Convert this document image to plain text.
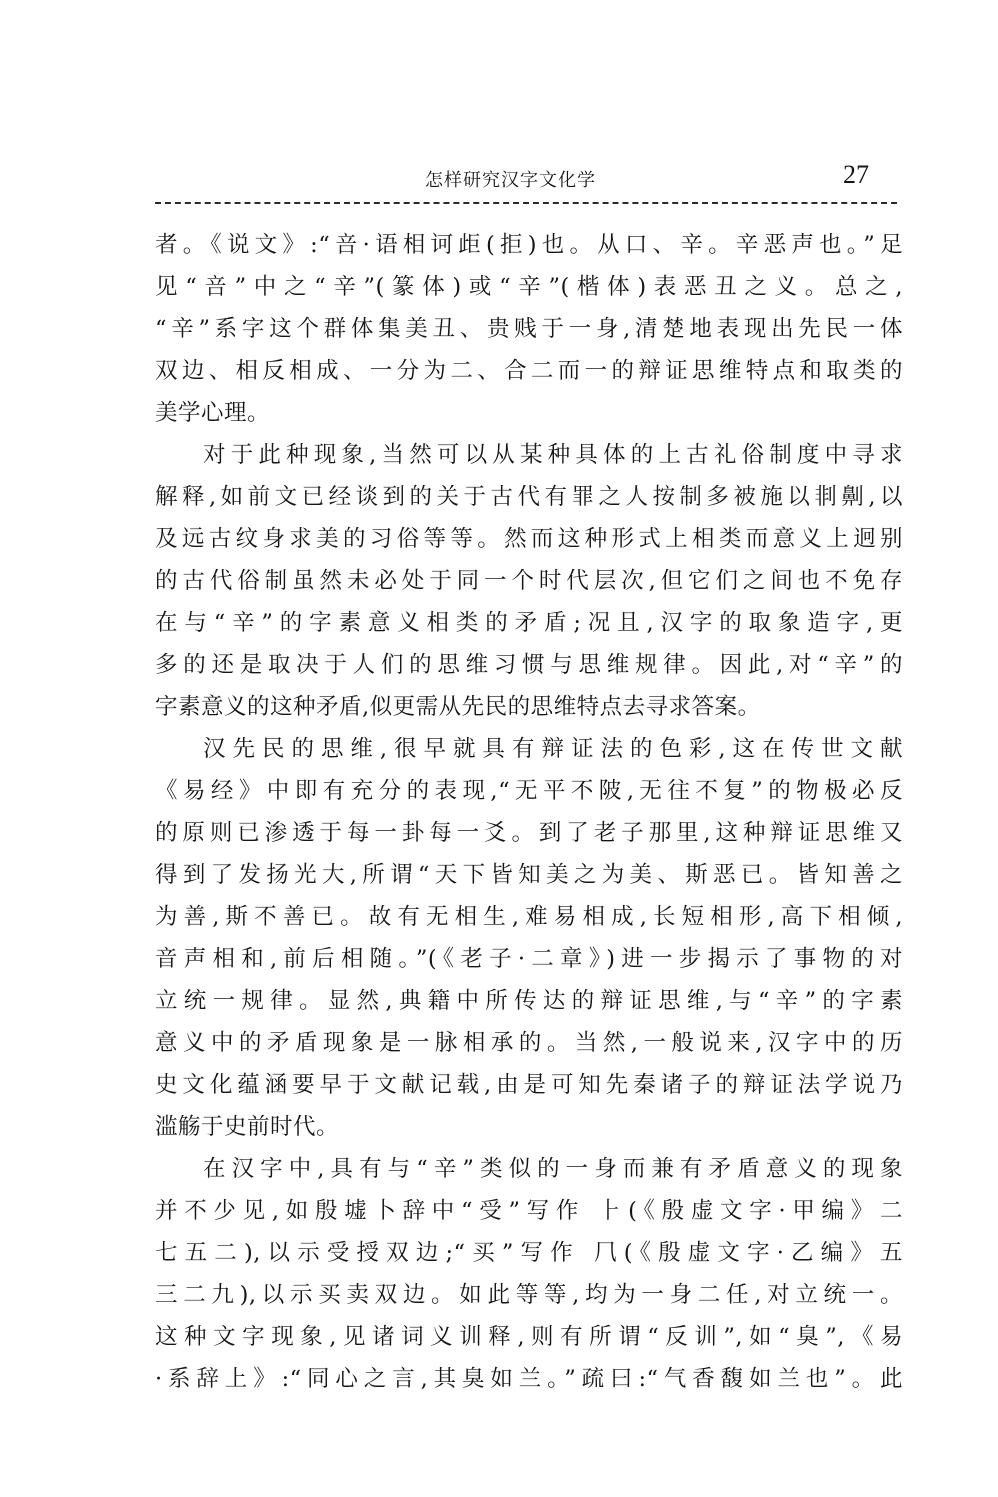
怎样研究汉字文化学	27
者。《说文》:“咅·语相诃歫(拒)也。从口、辛。辛恶声也。”足
见“咅”中之“辛”(篆体)或“辛”(楷体)表恶丑之义。总之,
“辛”系字这个群体集美丑、贵贱于一身,清楚地表现出先民一体
双边、相反相成、一分为二、合二而一的辩证思维特点和取类的
美学心理。
对于此种现象,当然可以从某种具体的上古礼俗制度中寻求
解释,如前文已经谈到的关于古代有罪之人按制多被施以剕劓,以
及远古纹身求美的习俗等等。然而这种形式上相类而意义上迥别
的古代俗制虽然未必处于同一个时代层次,但它们之间也不免存
在与“辛”的字素意义相类的矛盾;况且,汉字的取象造字,更
多的还是取决于人们的思维习惯与思维规律。因此,对“辛”的
字素意义的这种矛盾,似更需从先民的思维特点去寻求答案。
汉先民的思维,很早就具有辩证法的色彩,这在传世文献
《易经》中即有充分的表现,“无平不陂,无往不复”的物极必反
的原则已渗透于每一卦每一爻。到了老子那里,这种辩证思维又
得到了发扬光大,所谓“天下皆知美之为美、斯恶已。皆知善之
为善,斯不善已。故有无相生,难易相成,长短相形,高下相倾,
音声相和,前后相随。”(《老子·二章》)进一步揭示了事物的对
立统一规律。显然,典籍中所传达的辩证思维,与“辛”的字素
意义中的矛盾现象是一脉相承的。当然,一般说来,汉字中的历
史文化蕴涵要早于文献记载,由是可知先秦诸子的辩证法学说乃
滥觞于史前时代。
在汉字中,具有与“辛”类似的一身而兼有矛盾意义的现象
并不少见,如殷墟卜辞中“受”写作 ⺊(《殷虚文字·甲编》二
七五二),以示受授双边;“买”写作 ⺇(《殷虚文字·乙编》五
三二九),以示买卖双边。如此等等,均为一身二任,对立统一。
这种文字现象,见诸词义训释,则有所谓“反训”,如“臭”,《易
·系辞上》:“同心之言,其臭如兰。”疏曰:“气香馥如兰也”。此
